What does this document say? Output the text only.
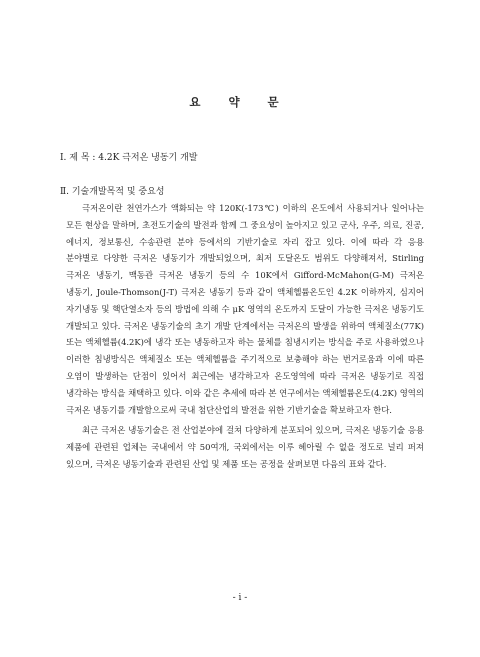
요 약 문
Ⅰ. 제 목 : 4.2K 극저온 냉동기 개발
Ⅱ. 기술개발목적 및 중요성

극저온이란 천연가스가 액화되는 약 120K(-173℃) 이하의 온도에서 사용되거나 일어나는 모든 현상을 말하며, 초전도기술의 발전과 함께 그 중요성이 높아지고 있고 군사, 우주, 의료, 진공, 에너지, 정보통신, 수송관련 분야 등에서의 기반기술로 자리 잡고 있다. 이에 따라 각 응용 분야별로 다양한 극저온 냉동기가 개발되었으며, 최저 도달온도 범위도 다양해져서, Stirling 극저온 냉동기, 맥동관 극저온 냉동기 등의 수 10K에서 Gifford-McMahon(G-M) 극저온 냉동기, Joule-Thomson(J-T) 극저온 냉동기 등과 같이 액체헬륨온도인 4.2K 이하까지, 심지어 자기냉동 및 핵단열소자 등의 방법에 의해 수 μK 영역의 온도까지 도달이 가능한 극저온 냉동기도 개발되고 있다. 극저온 냉동기술의 초기 개발 단계에서는 극저온의 발생을 위하여 액체질소(77K) 또는 액체헬륨(4.2K)에 냉각 또는 냉동하고자 하는 물체를 침냉시키는 방식을 주로 사용하였으나 이러한 침냉방식은 액체질소 또는 액체헬륨을 주기적으로 보충해야 하는 번거로움과 이에 따른 오염이 발생하는 단점이 있어서 최근에는 냉각하고자 온도영역에 따라 극저온 냉동기로 직접 냉각하는 방식을 채택하고 있다. 이와 같은 추세에 따라 본 연구에서는 액체헬륨온도(4.2K) 영역의 극저온 냉동기를 개발함으로써 국내 첨단산업의 발전을 위한 기반기술을 확보하고자 한다.

최근 극저온 냉동기술은 전 산업분야에 걸쳐 다양하게 분포되어 있으며, 극저온 냉동기술 응용 제품에 관련된 업체는 국내에서 약 50여개, 국외에서는 이루 헤아릴 수 없을 정도로 널리 퍼져 있으며, 극저온 냉동기술과 관련된 산업 및 제품 또는 공정을 살펴보면 다음의 표와 같다.

- i -
